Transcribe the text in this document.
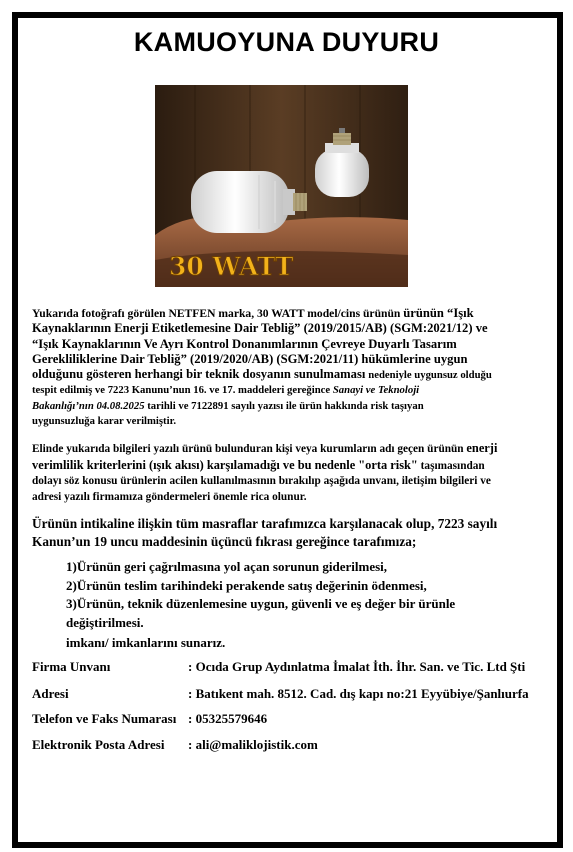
KAMUOYUNA DUYURU
30 WATT
Yukarıda fotoğrafı görülen NETFEN marka, 30 WATT model/cins ürünün ürünün “Işık
Kaynaklarının Enerji Etiketlemesine Dair Tebliğ” (2019/2015/AB) (SGM:2021/12) ve
“Işık Kaynaklarının Ve Ayrı Kontrol Donanımlarının Çevreye Duyarlı Tasarım
Gerekliliklerine Dair Tebliğ” (2019/2020/AB) (SGM:2021/11) hükümlerine uygun
olduğunu gösteren herhangi bir teknik dosyanın sunulmaması nedeniyle uygunsuz olduğu
tespit edilmiş ve 7223 Kanunu’nun 16. ve 17. maddeleri gereğince Sanayi ve Teknoloji
Bakanlığı’nın 04.08.2025 tarihli ve 7122891 sayılı yazısı ile ürün hakkında risk taşıyan
uygunsuzluğa karar verilmiştir.
Elinde yukarıda bilgileri yazılı ürünü bulunduran kişi veya kurumların adı geçen ürünün enerji
verimlilik kriterlerini (ışık akısı) karşılamadığı ve bu nedenle "orta risk" taşımasından
dolayı söz konusu ürünlerin acilen kullanılmasının bırakılıp aşağıda unvanı, iletişim bilgileri ve
adresi yazılı firmamıza göndermeleri önemle rica olunur.
Ürünün intikaline ilişkin tüm masraflar tarafımızca karşılanacak olup, 7223 sayılı
Kanun’un 19 uncu maddesinin üçüncü fıkrası gereğince tarafımıza;
1)Ürünün geri çağrılmasına yol açan sorunun giderilmesi,
2)Ürünün teslim tarihindeki perakende satış değerinin ödenmesi,
3)Ürünün, teknik düzenlemesine uygun, güvenli ve eş değer bir ürünle
değiştirilmesi.
imkanı/ imkanlarını sunarız.
Firma Unvanı	: Ocıda Grup Aydınlatma İmalat İth. İhr. San. ve Tic. Ltd Şti
Adresi	: Batıkent mah. 8512. Cad. dış kapı no:21 Eyyübiye/Şanlıurfa
Telefon ve Faks Numarası : 05325579646
Elektronik Posta Adresi : ali@maliklojistik.com
